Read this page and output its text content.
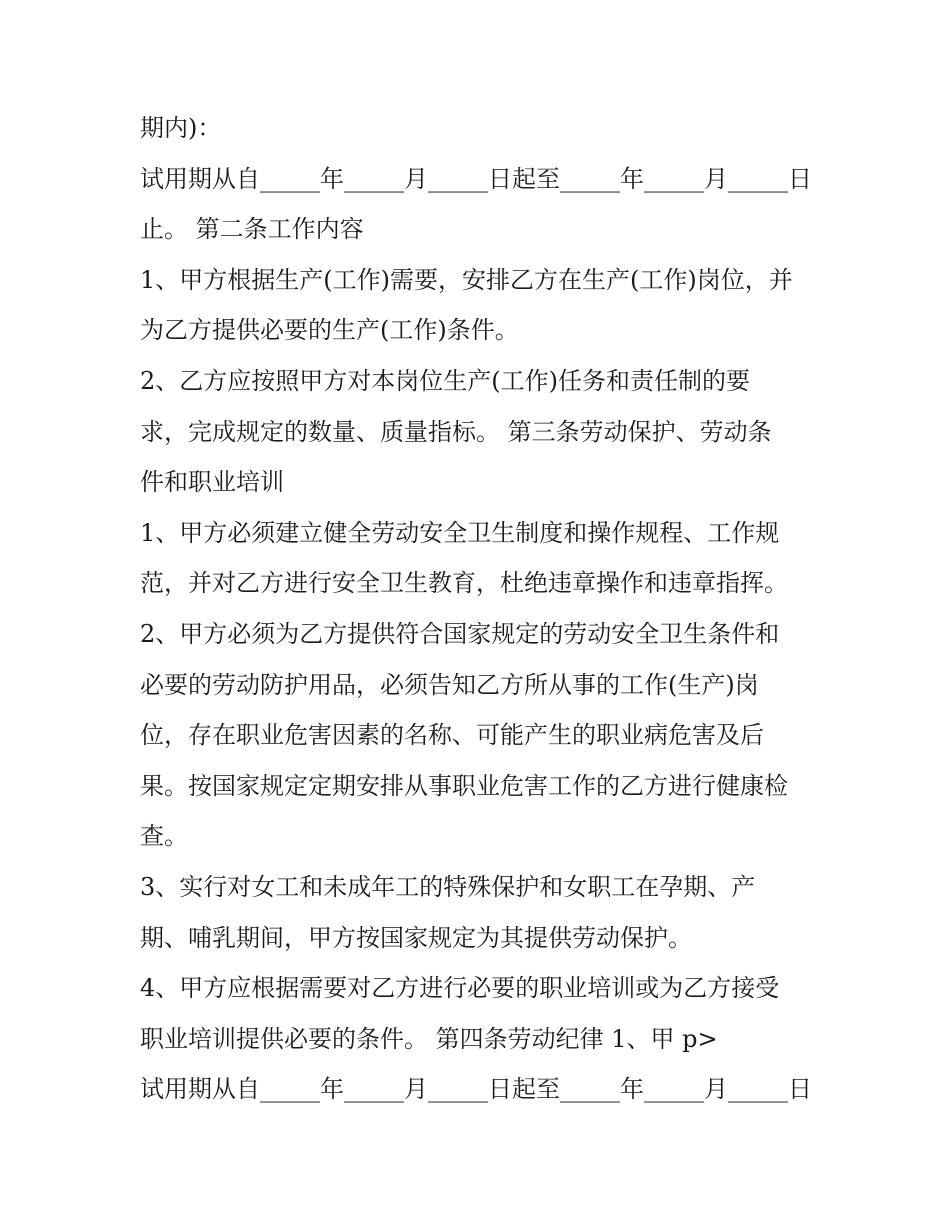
期内)：
试用期从自_____年_____月_____日起至_____年_____月_____日
止。 第二条工作内容
1、甲方根据生产(工作)需要，安排乙方在生产(工作)岗位，并
为乙方提供必要的生产(工作)条件。
2、乙方应按照甲方对本岗位生产(工作)任务和责任制的要
求，完成规定的数量、质量指标。 第三条劳动保护、劳动条
件和职业培训
1、甲方必须建立健全劳动安全卫生制度和操作规程、工作规
范，并对乙方进行安全卫生教育，杜绝违章操作和违章指挥。
2、甲方必须为乙方提供符合国家规定的劳动安全卫生条件和
必要的劳动防护用品，必须告知乙方所从事的工作(生产)岗
位，存在职业危害因素的名称、可能产生的职业病危害及后
果。按国家规定定期安排从事职业危害工作的乙方进行健康检
查。
3、实行对女工和未成年工的特殊保护和女职工在孕期、产
期、哺乳期间，甲方按国家规定为其提供劳动保护。
4、甲方应根据需要对乙方进行必要的职业培训或为乙方接受
职业培训提供必要的条件。 第四条劳动纪律 1、甲 p>
试用期从自_____年_____月_____日起至_____年_____月_____日
